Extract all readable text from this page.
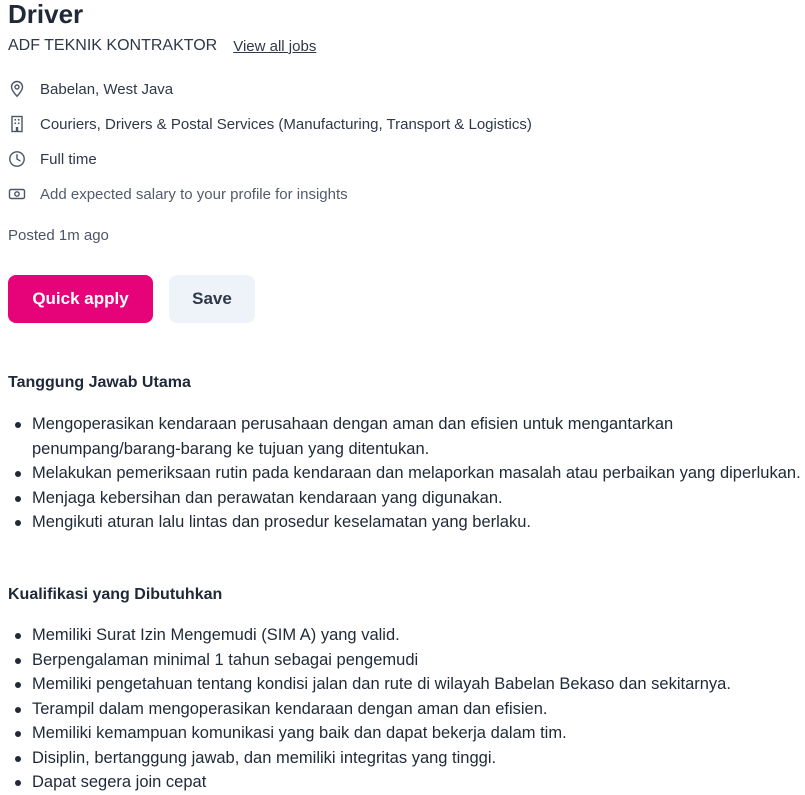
Driver
ADF TEKNIK KONTRAKTOR View all jobs
Babelan, West Java
Couriers, Drivers & Postal Services (Manufacturing, Transport & Logistics)
Full time
Add expected salary to your profile for insights
Posted 1m ago
Quick apply	Save
Tanggung Jawab Utama
Mengoperasikan kendaraan perusahaan dengan aman dan efisien untuk mengantarkan penumpang/barang-barang ke tujuan yang ditentukan.
Melakukan pemeriksaan rutin pada kendaraan dan melaporkan masalah atau perbaikan yang diperlukan.
Menjaga kebersihan dan perawatan kendaraan yang digunakan.
Mengikuti aturan lalu lintas dan prosedur keselamatan yang berlaku.
Kualifikasi yang Dibutuhkan
Memiliki Surat Izin Mengemudi (SIM A) yang valid.
Berpengalaman minimal 1 tahun sebagai pengemudi
Memiliki pengetahuan tentang kondisi jalan dan rute di wilayah Babelan Bekaso dan sekitarnya.
Terampil dalam mengoperasikan kendaraan dengan aman dan efisien.
Memiliki kemampuan komunikasi yang baik dan dapat bekerja dalam tim.
Disiplin, bertanggung jawab, dan memiliki integritas yang tinggi.
Dapat segera join cepat
